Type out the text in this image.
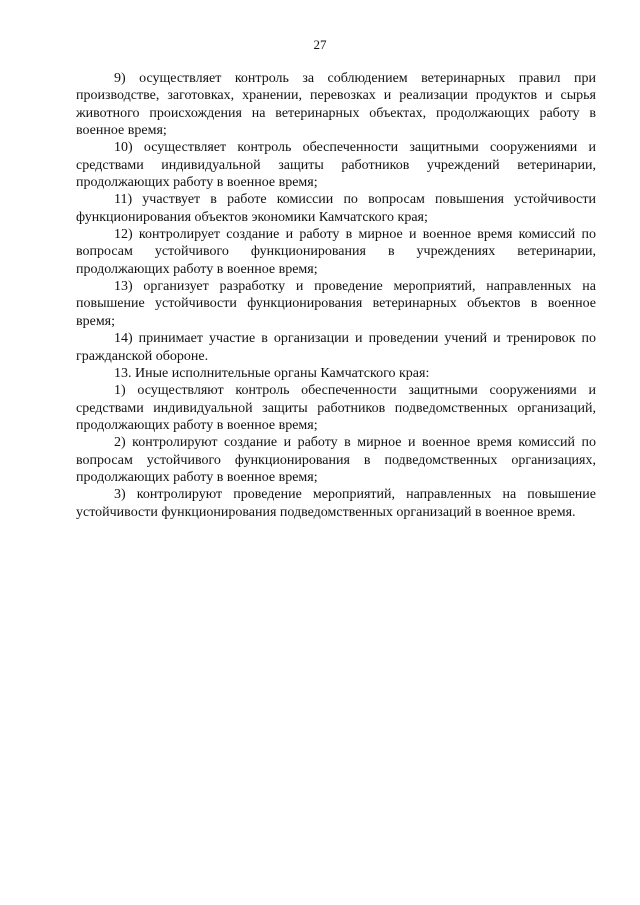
27

9) осуществляет контроль за соблюдением ветеринарных правил при производстве, заготовках, хранении, перевозках и реализации продуктов и сырья животного происхождения на ветеринарных объектах, продолжающих работу в военное время;

10) осуществляет контроль обеспеченности защитными сооружениями и средствами индивидуальной защиты работников учреждений ветеринарии, продолжающих работу в военное время;

11) участвует в работе комиссии по вопросам повышения устойчивости функционирования объектов экономики Камчатского края;

12) контролирует создание и работу в мирное и военное время комиссий по вопросам устойчивого функционирования в учреждениях ветеринарии, продолжающих работу в военное время;

13) организует разработку и проведение мероприятий, направленных на повышение устойчивости функционирования ветеринарных объектов в военное время;

14) принимает участие в организации и проведении учений и тренировок по гражданской обороне.

13. Иные исполнительные органы Камчатского края:

1) осуществляют контроль обеспеченности защитными сооружениями и средствами индивидуальной защиты работников подведомственных организаций, продолжающих работу в военное время;

2) контролируют создание и работу в мирное и военное время комиссий по вопросам устойчивого функционирования в подведомственных организациях, продолжающих работу в военное время;

3) контролируют проведение мероприятий, направленных на повышение устойчивости функционирования подведомственных организаций в военное время.
